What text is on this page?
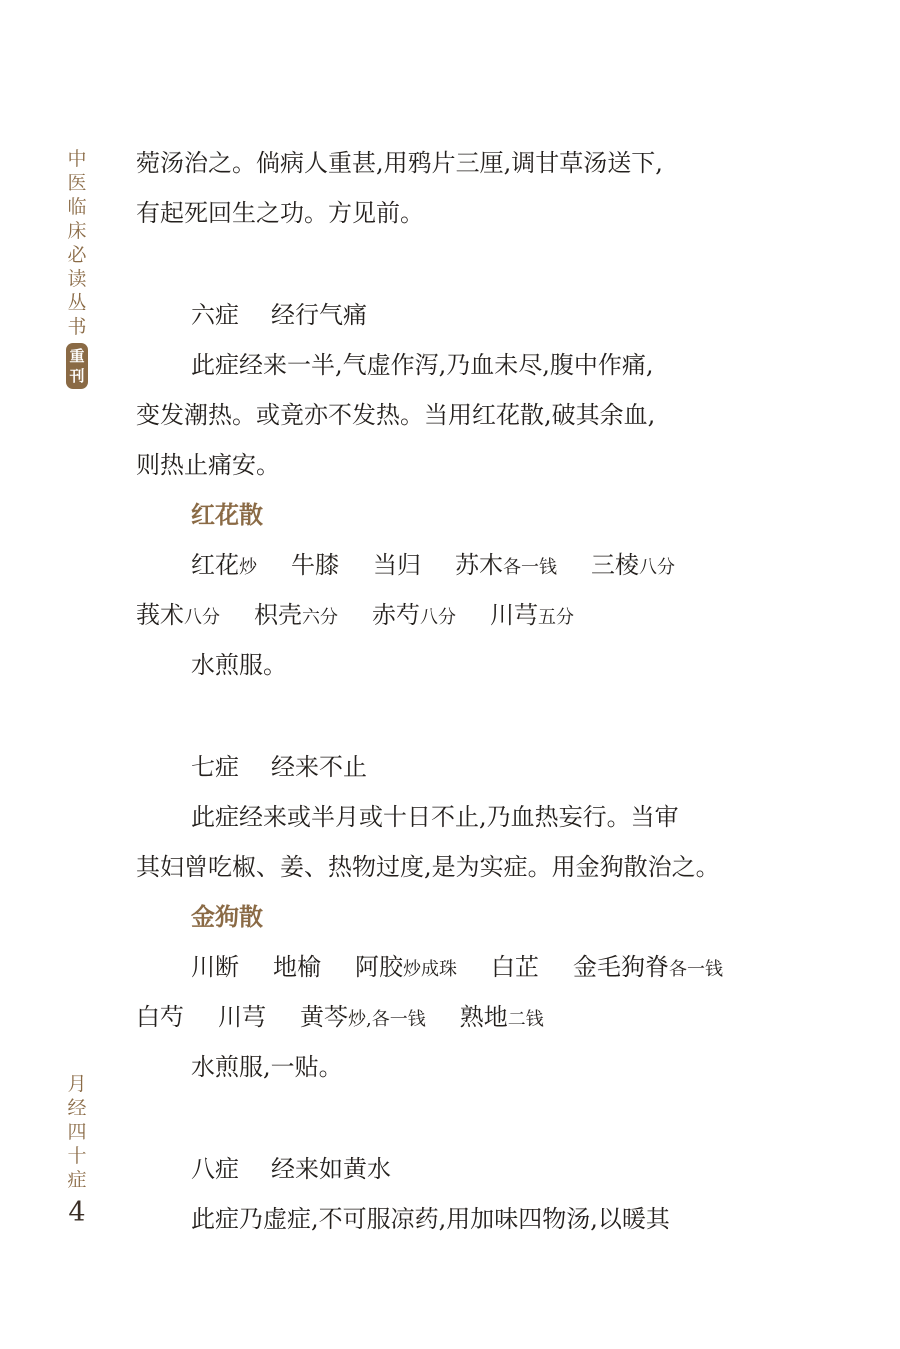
中
医
临
床
必
读
丛
书
重刊
月
经
四
十
症
4
菀汤治之。倘病人重甚,用鸦片三厘,调甘草汤送下,
有起死回生之功。方见前。
六症 经行气痛
此症经来一半,气虚作泻,乃血未尽,腹中作痛,
变发潮热。或竟亦不发热。当用红花散,破其余血,
则热止痛安。
红花散
红花炒 牛膝 当归 苏木各一钱 三棱八分
莪术八分 枳壳六分 赤芍八分 川芎五分
水煎服。
七症 经来不止
此症经来或半月或十日不止,乃血热妄行。当审
其妇曾吃椒、姜、热物过度,是为实症。用金狗散治之。
金狗散
川断 地榆 阿胶炒成珠 白芷 金毛狗脊各一钱
白芍 川芎 黄芩炒,各一钱 熟地二钱
水煎服,一贴。
八症 经来如黄水
此症乃虚症,不可服凉药,用加味四物汤,以暖其
